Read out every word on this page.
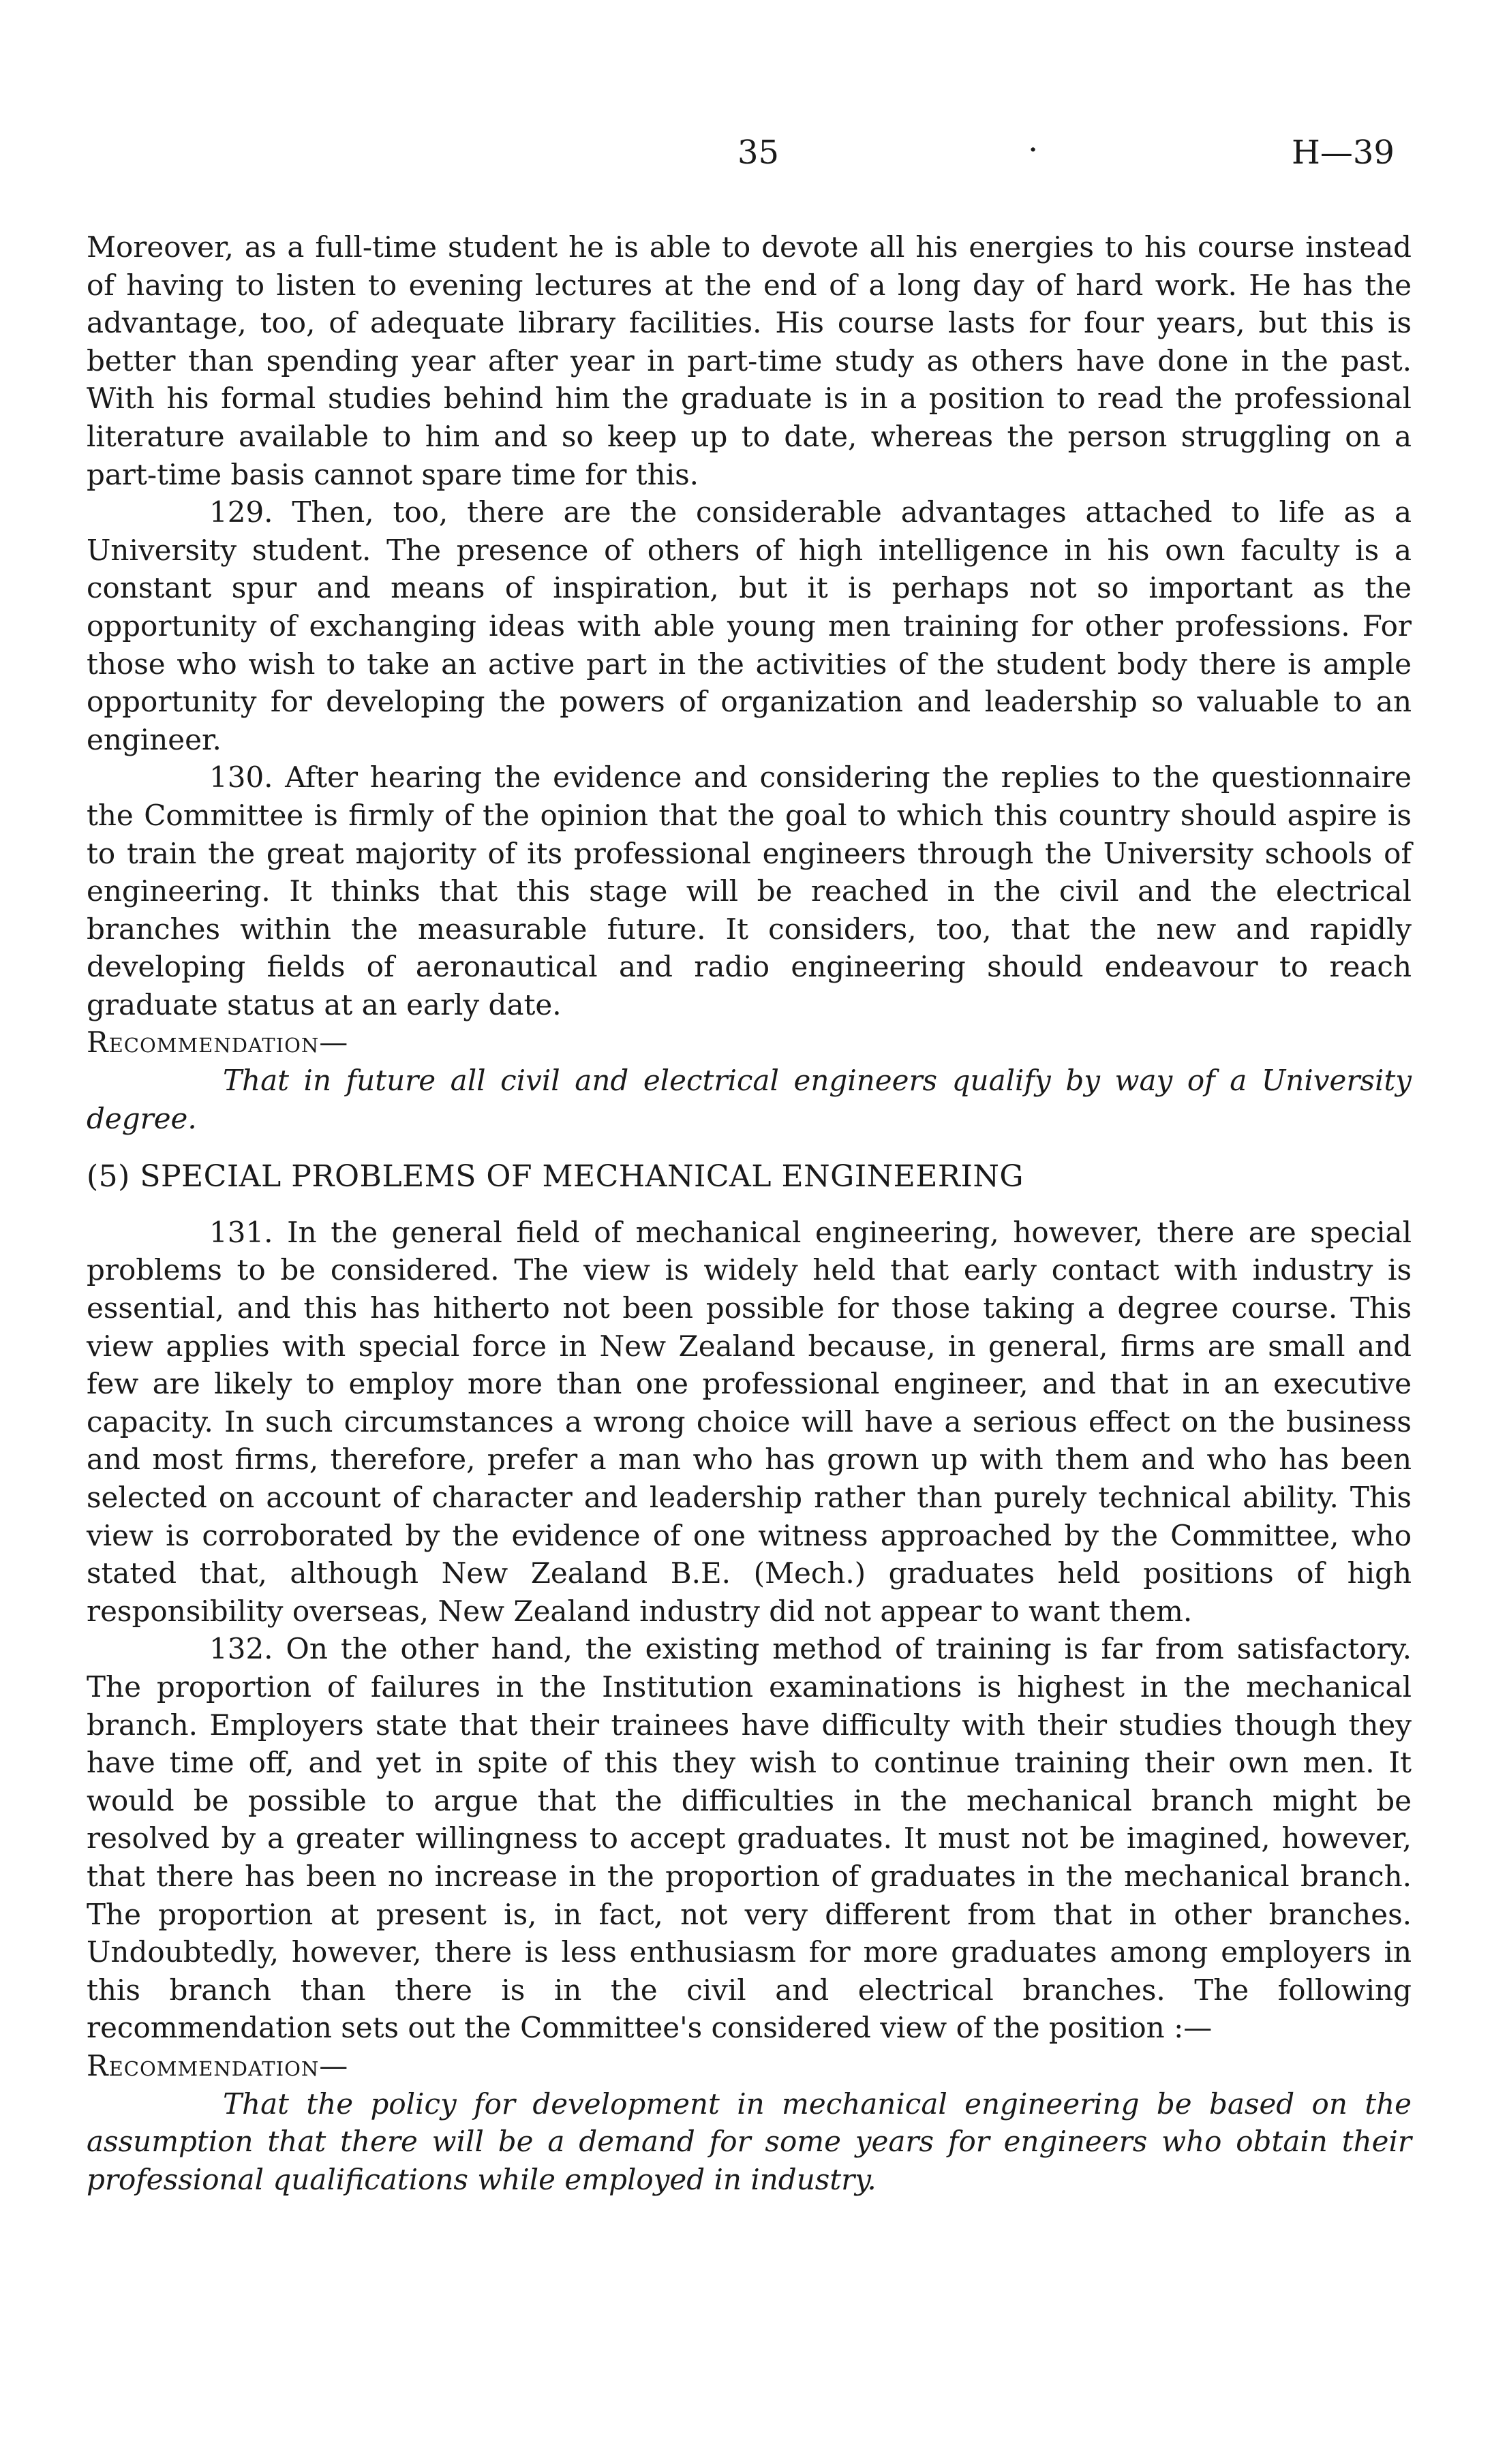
35	·	H—39

Moreover, as a full-time student he is able to devote all his energies to his course instead of having to listen to evening lectures at the end of a long day of hard work. He has the advantage, too, of adequate library facilities. His course lasts for four years, but this is better than spending year after year in part-time study as others have done in the past. With his formal studies behind him the graduate is in a position to read the professional literature available to him and so keep up to date, whereas the person struggling on a part-time basis cannot spare time for this.

129. Then, too, there are the considerable advantages attached to life as a University student. The presence of others of high intelligence in his own faculty is a constant spur and means of inspiration, but it is perhaps not so important as the opportunity of exchanging ideas with able young men training for other professions. For those who wish to take an active part in the activities of the student body there is ample opportunity for developing the powers of organization and leadership so valuable to an engineer.

130. After hearing the evidence and considering the replies to the questionnaire the Committee is firmly of the opinion that the goal to which this country should aspire is to train the great majority of its professional engineers through the University schools of engineering. It thinks that this stage will be reached in the civil and the electrical branches within the measurable future. It considers, too, that the new and rapidly developing fields of aeronautical and radio engineering should endeavour to reach graduate status at an early date.

Recommendation—

That in future all civil and electrical engineers qualify by way of a University degree.

(5) SPECIAL PROBLEMS OF MECHANICAL ENGINEERING

131. In the general field of mechanical engineering, however, there are special problems to be considered. The view is widely held that early contact with industry is essential, and this has hitherto not been possible for those taking a degree course. This view applies with special force in New Zealand because, in general, firms are small and few are likely to employ more than one professional engineer, and that in an executive capacity. In such circumstances a wrong choice will have a serious effect on the business and most firms, therefore, prefer a man who has grown up with them and who has been selected on account of character and leadership rather than purely technical ability. This view is corroborated by the evidence of one witness approached by the Committee, who stated that, although New Zealand B.E. (Mech.) graduates held positions of high responsibility overseas, New Zealand industry did not appear to want them.

132. On the other hand, the existing method of training is far from satisfactory. The proportion of failures in the Institution examinations is highest in the mechanical branch. Employers state that their trainees have difficulty with their studies though they have time off, and yet in spite of this they wish to continue training their own men. It would be possible to argue that the difficulties in the mechanical branch might be resolved by a greater willingness to accept graduates. It must not be imagined, however, that there has been no increase in the proportion of graduates in the mechanical branch. The proportion at present is, in fact, not very different from that in other branches. Undoubtedly, however, there is less enthusiasm for more graduates among employers in this branch than there is in the civil and electrical branches. The following recommendation sets out the Committee's considered view of the position :—

Recommendation—

That the policy for development in mechanical engineering be based on the assumption that there will be a demand for some years for engineers who obtain their professional qualifications while employed in industry.
